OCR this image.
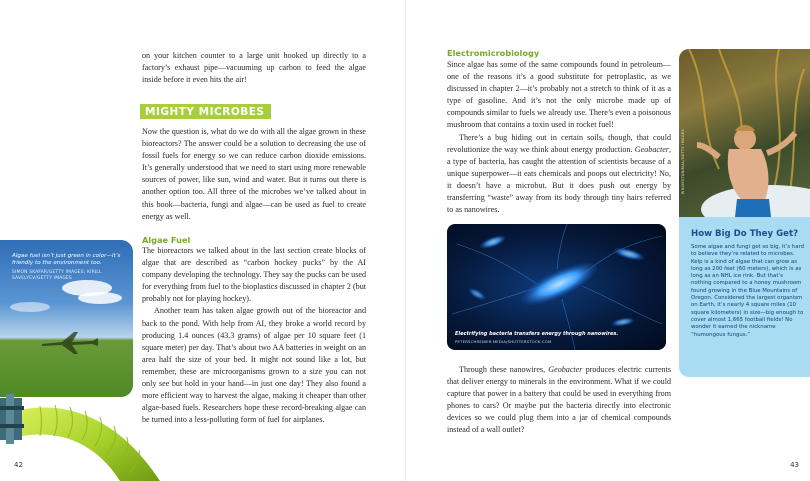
on your kitchen counter to a large unit hooked up directly to a factory’s exhaust pipe—vacuuming up carbon to feed the algae inside before it even hits the air!

MIGHTY MICROBES

Now the question is, what do we do with all the algae grown in these bioreactors? The answer could be a solution to decreasing the use of fossil fuels for energy so we can reduce carbon dioxide emissions. It’s generally understood that we need to start using more renewable sources of power, like sun, wind and water. But it turns out there is another option too. All three of the microbes we’ve talked about in this book—bacteria, fungi and algae—can be used as fuel to create energy as well.

Algae Fuel

The bioreactors we talked about in the last section create blocks of algae that are described as “carbon hockey pucks” by the AI company developing the technology. They say the pucks can be used for everything from fuel to the bioplastics discussed in chapter 2 (but probably not for playing hockey).

Another team has taken algae growth out of the bioreactor and back to the pond. With help from AI, they broke a world record by producing 1.4 ounces (43.3 grams) of algae per 10 square feet (1 square meter) per day. That’s about two AA batteries in weight on an area half the size of your bed. It might not sound like a lot, but remember, these are microorganisms grown to a size you can not only see but hold in your hand—in just one day! They also found a more efficient way to harvest the algae, making it cheaper than other algae-based fuels. Researchers hope these record-breaking algae can be turned into a less-polluting form of fuel for airplanes.

Algae fuel isn’t just green in color—it’s friendly to the environment too.
SIMON SKAFAR/GETTY IMAGES; KIRILL SAVELYEV/GETTY IMAGES
42
Electromicrobiology

Since algae has some of the same compounds found in petroleum—one of the reasons it’s a good substitute for petroplastic, as we discussed in chapter 2—it’s probably not a stretch to think of it as a type of gasoline. And it’s not the only microbe made up of compounds similar to fuels we already use. There’s even a poisonous mushroom that contains a toxin used in rocket fuel!

There’s a bug hiding out in certain soils, though, that could revolutionize the way we think about energy production. Geobacter, a type of bacteria, has caught the attention of scientists because of a unique superpower—it eats chemicals and poops out electricity! No, it doesn’t have a microbut. But it does push out energy by transferring “waste” away from its body through tiny hairs referred to as nanowires.

Electrifying bacteria transfers energy through nanowires.
PETERSCHREIBER.MEDIA/SHUTTERSTOCK.COM

Through these nanowires, Geobacter produces electric currents that deliver energy to minerals in the environment. What if we could capture that power in a battery that could be used in everything from phones to cars? Or maybe put the bacteria directly into electronic devices so we could plug them into a jar of chemical compounds instead of a wall outlet?

WILDESTANIMAL/GETTY IMAGES
How Big Do They Get?
Some algae and fungi get so big, it’s hard to believe they’re related to microbes. Kelp is a kind of algae that can grow as long as 200 feet (60 meters), which is as long as an NHL ice rink. But that’s nothing compared to a honey mushroom found growing in the Blue Mountains of Oregon. Considered the largest organism on Earth, it’s nearly 4 square miles (10 square kilometers) in size—big enough to cover almost 1,665 football fields! No wonder it earned the nickname “humongous fungus.”
43
